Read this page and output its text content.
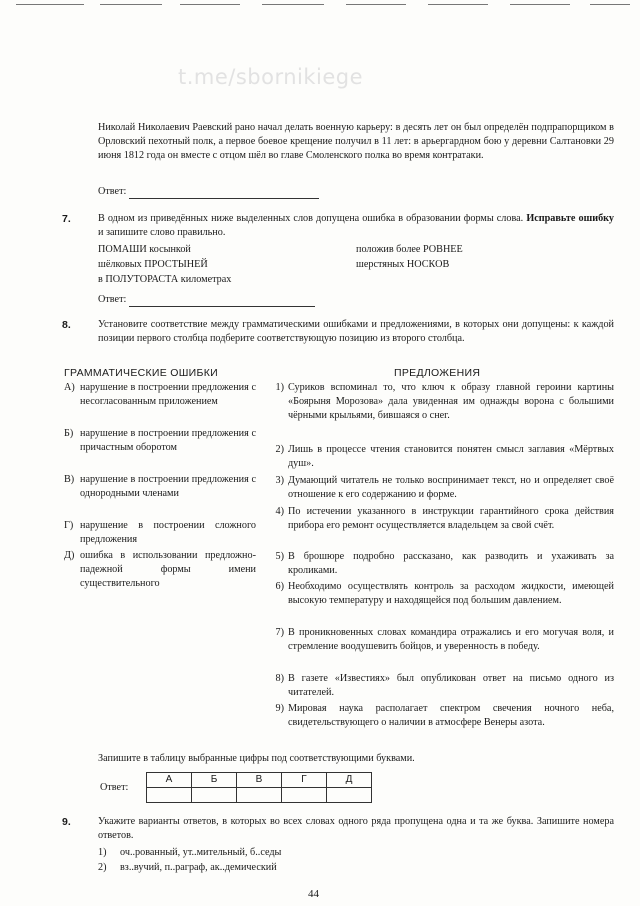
t.me/sbornikiege
Николай Николаевич Раевский рано начал делать военную карьеру: в десять лет он был определён подпрапорщиком в Орловский пехотный полк, а первое боевое крещение получил в 11 лет: в арьергардном бою у деревни Салтановки 29 июня 1812 года он вместе с отцом шёл во главе Смоленского полка во время контратаки.
Ответ:
7.	В одном из приведённых ниже выделенных слов допущена ошибка в образовании формы слова. Исправьте ошибку и запишите слово правильно.
ПОМАШИ косынкой
шёлковых ПРОСТЫНЕЙ
в ПОЛУТОРАСТА километрах
положив более РОВНЕЕ
шерстяных НОСКОВ
Ответ:
8.	Установите соответствие между грамматическими ошибками и предложениями, в которых они допущены: к каждой позиции первого столбца подберите соответствующую позицию из второго столбца.
ГРАММАТИЧЕСКИЕ ОШИБКИ	ПРЕДЛОЖЕНИЯ
А) нарушение в построении предложения с несогласованным приложением
Б) нарушение в построении предложения с причастным оборотом
В) нарушение в построении предложения с однородными членами
Г) нарушение в построении сложного предложения
Д) ошибка в использовании предложно-падежной формы имени существительного
1) Суриков вспоминал то, что ключ к образу главной героини картины «Боярыня Морозова» дала увиденная им однажды ворона с большими чёрными крыльями, бившаяся о снег.
2) Лишь в процессе чтения становится понятен смысл заглавия «Мёртвых душ».
3) Думающий читатель не только воспринимает текст, но и определяет своё отношение к его содержанию и форме.
4) По истечении указанного в инструкции гарантийного срока действия прибора его ремонт осуществляется владельцем за свой счёт.
5) В брошюре подробно рассказано, как разводить и ухаживать за кроликами.
6) Необходимо осуществлять контроль за расходом жидкости, имеющей высокую температуру и находящейся под большим давлением.
7) В проникновенных словах командира отражались и его могучая воля, и стремление воодушевить бойцов, и уверенность в победу.
8) В газете «Известиях» был опубликован ответ на письмо одного из читателей.
9) Мировая наука располагает спектром свечения ночного неба, свидетельствующего о наличии в атмосфере Венеры азота.
Запишите в таблицу выбранные цифры под соответствующими буквами.
Ответ:
А	Б	В	Г	Д

9.	Укажите варианты ответов, в которых во всех словах одного ряда пропущена одна и та же буква. Запишите номера ответов.
1)	оч..рованный, ут..мительный, б..седы
2)	вз..вучий, п..раграф, ак..демический
44
